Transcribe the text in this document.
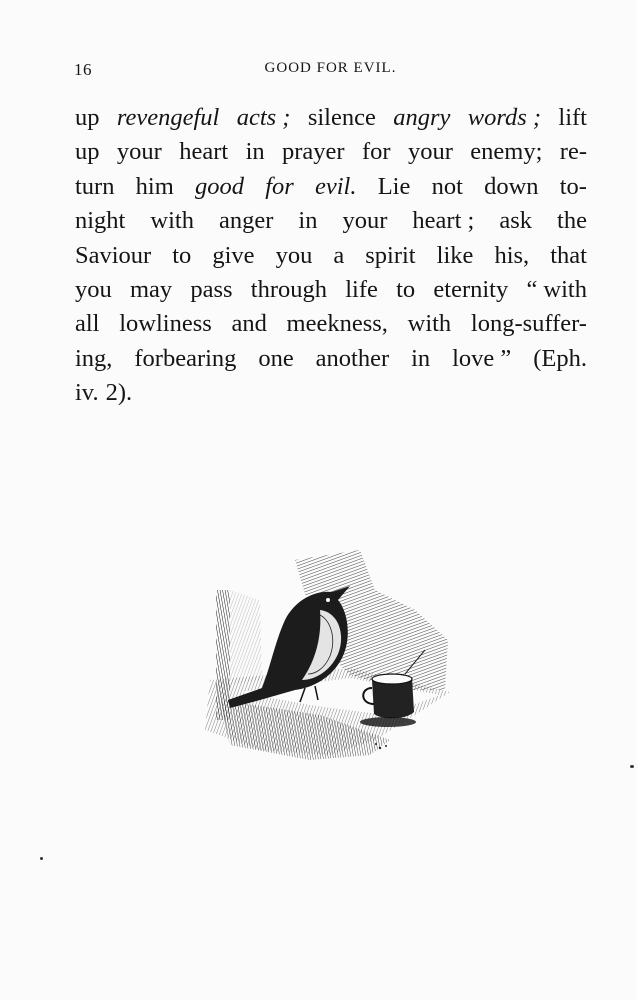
16	GOOD FOR EVIL.
up revengeful acts ; silence angry words ; lift
up your heart in prayer for your enemy; re-
turn him good for evil. Lie not down to-
night with anger in your heart ; ask the
Saviour to give you a spirit like his, that
you may pass through life to eternity “ with
all lowliness and meekness, with long-suffer-
ing, forbearing one another in love ” (Eph.
iv. 2).
